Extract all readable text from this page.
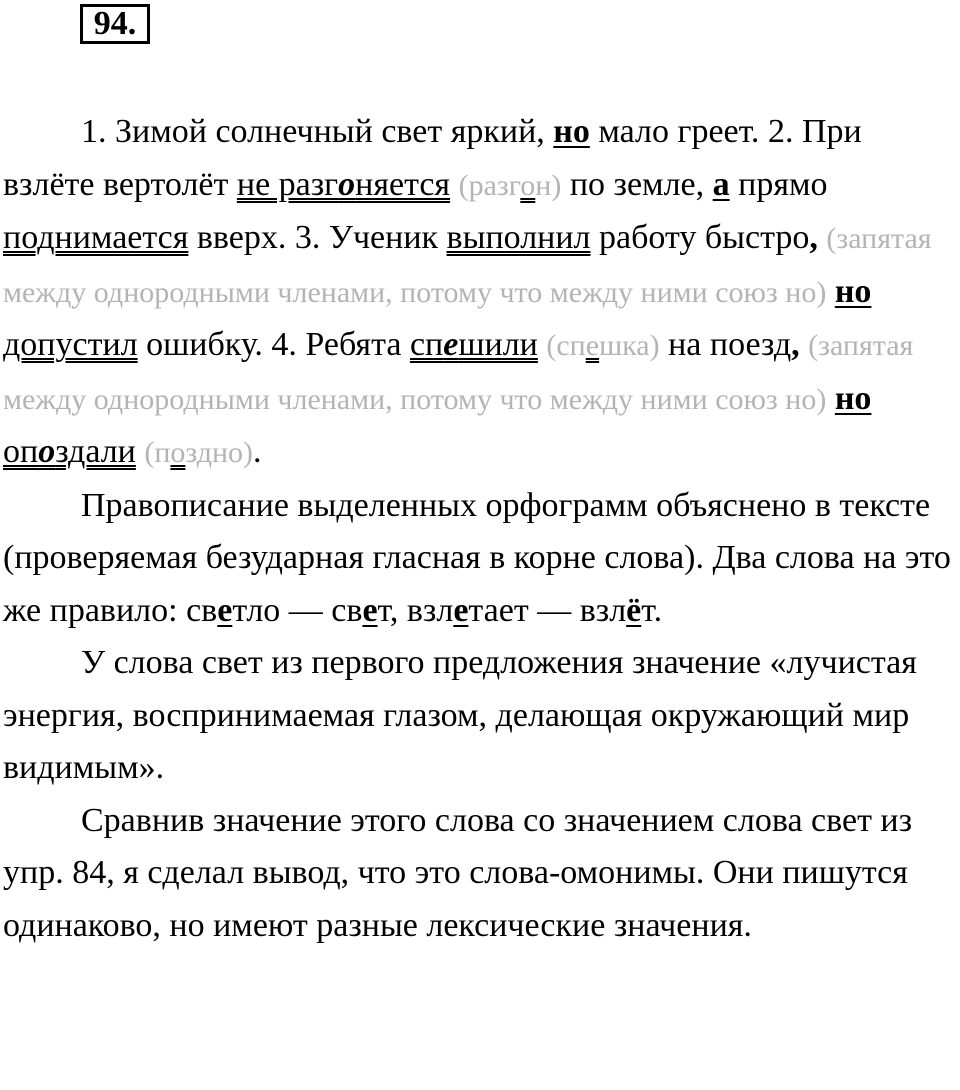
94.

1. Зимой солнечный свет яркий, но мало греет. 2. При взлёте вертолёт не разгоняется (разгон) по земле, а прямо поднимается вверх. 3. Ученик выполнил работу быстро, (запятая между однородными членами, потому что между ними союз но) но допустил ошибку. 4. Ребята спешили (спешка) на поезд, (запятая между однородными членами, потому что между ними союз но) но опоздали (поздно).

Правописание выделенных орфограмм объяснено в тексте (проверяемая безударная гласная в корне слова). Два слова на это же правило: светло — свет, взлетает — взлёт.

У слова свет из первого предложения значение «лучистая энергия, воспринимаемая глазом, делающая окружающий мир видимым».

Сравнив значение этого слова со значением слова свет из упр. 84, я сделал вывод, что это слова-омонимы. Они пишутся одинаково, но имеют разные лексические значения.
